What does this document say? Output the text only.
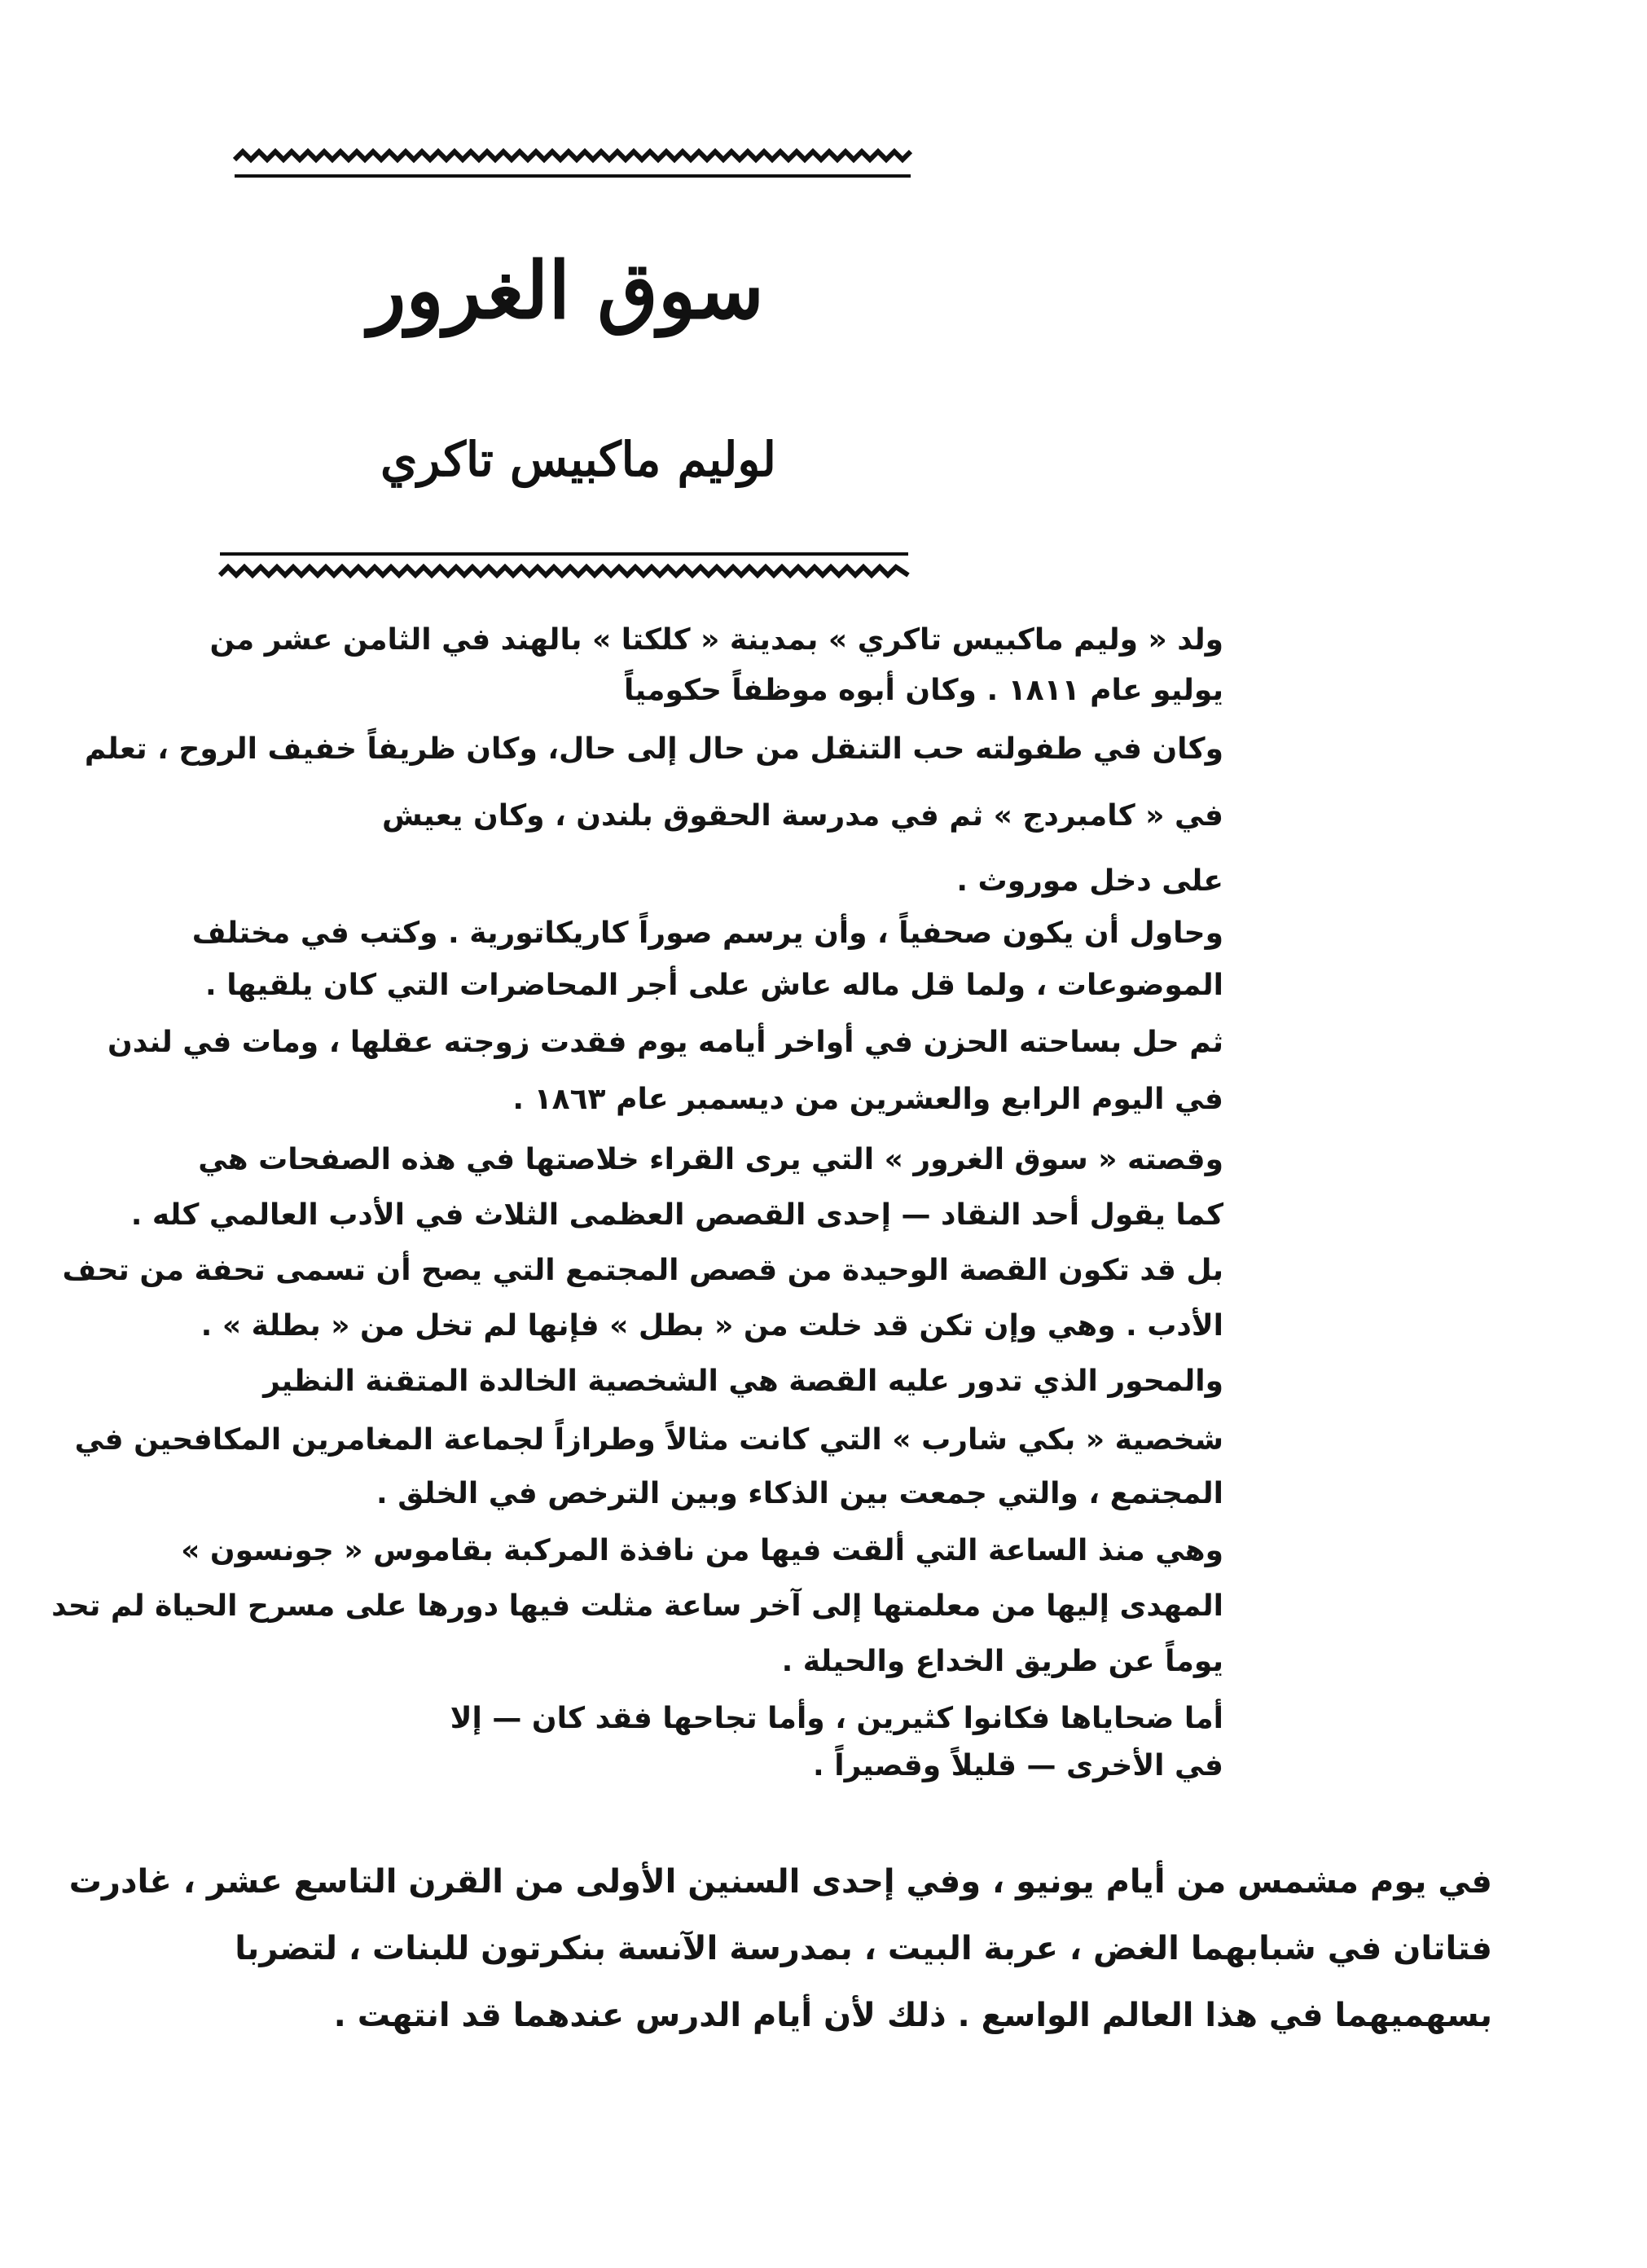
سوق الغرور
لوليم ماكبيس تاكري
ولد « وليم ماكبيس تاكري » بمدينة « كلكتا » بالهند في الثامن عشر من
يوليو عام ١٨١١ . وكان أبوه موظفاً حكومياً
وكان في طفولته حب التنقل من حال إلى حال، وكان ظريفاً خفيف الروح ، تعلم
في « كامبردج » ثم في مدرسة الحقوق بلندن ، وكان يعيش
على دخل موروث .
وحاول أن يكون صحفياً ، وأن يرسم صوراً كاريكاتورية . وكتب في مختلف
الموضوعات ، ولما قل ماله عاش على أجر المحاضرات التي كان يلقيها .
ثم حل بساحته الحزن في أواخر أيامه يوم فقدت زوجته عقلها ، ومات في لندن
في اليوم الرابع والعشرين من ديسمبر عام ١٨٦٣ .
وقصته « سوق الغرور » التي يرى القراء خلاصتها في هذه الصفحات هي
كما يقول أحد النقاد — إحدى القصص العظمى الثلاث في الأدب العالمي كله .
بل قد تكون القصة الوحيدة من قصص المجتمع التي يصح أن تسمى تحفة من تحف
الأدب . وهي وإن تكن قد خلت من « بطل » فإنها لم تخل من « بطلة » .
والمحور الذي تدور عليه القصة هي الشخصية الخالدة المتقنة النظير
شخصية « بكي شارب » التي كانت مثالاً وطرازاً لجماعة المغامرين المكافحين في
المجتمع ، والتي جمعت بين الذكاء وبين الترخص في الخلق .
وهي منذ الساعة التي ألقت فيها من نافذة المركبة بقاموس « جونسون »
المهدى إليها من معلمتها إلى آخر ساعة مثلت فيها دورها على مسرح الحياة لم تحد
يوماً عن طريق الخداع والحيلة .
أما ضحاياها فكانوا كثيرين ، وأما تجاحها فقد كان — إلا
في الأخرى — قليلاً وقصيراً .
في يوم مشمس من أيام يونيو ، وفي إحدى السنين الأولى من القرن التاسع عشر ، غادرت
فتاتان في شبابهما الغض ، عربة البيت ، بمدرسة الآنسة بنكرتون للبنات ، لتضربا
بسهميهما في هذا العالم الواسع . ذلك لأن أيام الدرس عندهما قد انتهت .
